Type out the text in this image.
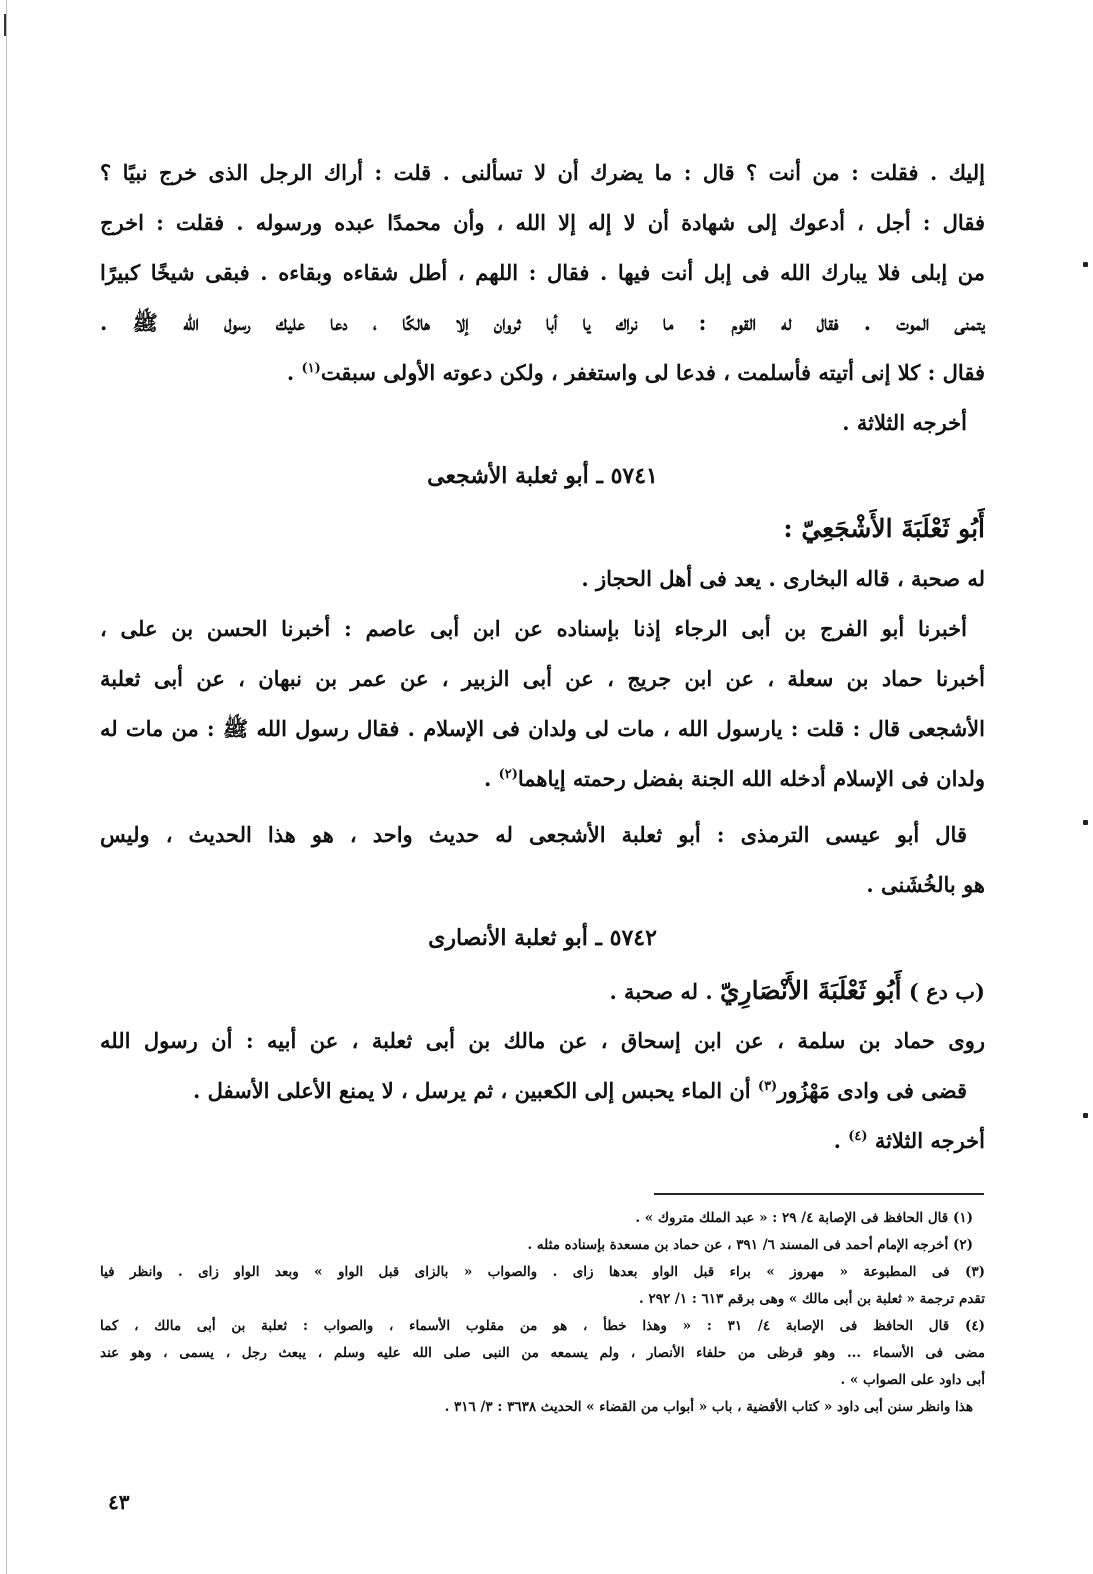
إليك . فقلت : من أنت ؟ قال : ما يضرك أن لا تسألنى . قلت : أراك الرجل الذى خرج نبيًا ؟
فقال : أجل ، أدعوك إلى شهادة أن لا إله إلا الله ، وأن محمدًا عبده ورسوله . فقلت : اخرج
من إبلى فلا يبارك الله فى إبل أنت فيها . فقال : اللهم ، أطل شقاءه وبقاءه . فبقى شيخًا كبيرًا
يتمنى الموت . فقال له القوم : ما نراك يا أبا ثروان إلا هالكًا ، دعا عليك رسول الله ﷺ .
فقال : كلا إنى أتيته فأسلمت ، فدعا لى واستغفر ، ولكن دعوته الأولى سبقت$^{(١)}$ .
أخرجه الثلاثة .
٥٧٤١ ـ أبو ثعلبة الأشجعى
أَبُو ثَعْلَبَةَ الأَشْجَعِيّ :
له صحبة ، قاله البخارى . يعد فى أهل الحجاز .
أخبرنا أبو الفرج بن أبى الرجاء إذنا بإسناده عن ابن أبى عاصم : أخبرنا الحسن بن على ،
أخبرنا حماد بن سعلة ، عن ابن جريج ، عن أبى الزبير ، عن عمر بن نبهان ، عن أبى ثعلبة
الأشجعى قال : قلت : يارسول الله ، مات لى ولدان فى الإسلام . فقال رسول الله ﷺ : من مات له
ولدان فى الإسلام أدخله الله الجنة بفضل رحمته إياهما$^{(٢)}$ .
قال أبو عيسى الترمذى : أبو ثعلبة الأشجعى له حديث واحد ، هو هذا الحديث ، وليس
هو بالخُشَنى .
٥٧٤٢ ـ أبو ثعلبة الأنصارى
(ب دع ) أَبُو ثَعْلَبَةَ الأَنْصَارِيّ . له صحبة .
روى حماد بن سلمة ، عن ابن إسحاق ، عن مالك بن أبى ثعلبة ، عن أبيه : أن رسول الله
قضى فى وادى مَهْزُور$^{(٣)}$ أن الماء يحبس إلى الكعبين ، ثم يرسل ، لا يمنع الأعلى الأسفل .
أخرجه الثلاثة $^{(٤)}$ .
(١) قال الحافظ فى الإصابة ٤/ ٢٩ : « عبد الملك متروك » .
(٢) أخرجه الإمام أحمد فى المسند ٦/ ٣٩١ ، عن حماد بن مسعدة بإسناده مثله .
(٣) فى المطبوعة « مهروز » براء قبل الواو بعدها زاى . والصواب « بالزاى قبل الواو » وبعد الواو زاى . وانظر فيا
تقدم ترجمة « ثعلبة بن أبى مالك » وهى برقم ٦١٣ : ١/ ٢٩٢ .
(٤) قال الحافظ فى الإصابة ٤/ ٣١ : « وهذا خطأ ، هو من مقلوب الأسماء ، والصواب : ثعلبة بن أبى مالك ، كما
مضى فى الأسماء ... وهو قرظى من حلفاء الأنصار ، ولم يسمعه من النبى صلى الله عليه وسلم ، يبعث رجل ، يسمى ، وهو عند
أبى داود على الصواب » .
هذا وانظر سنن أبى داود « كتاب الأقضية ، باب « أبواب من القضاء » الحديث ٣٦٣٨ : ٣/ ٣١٦ .
٤٣
